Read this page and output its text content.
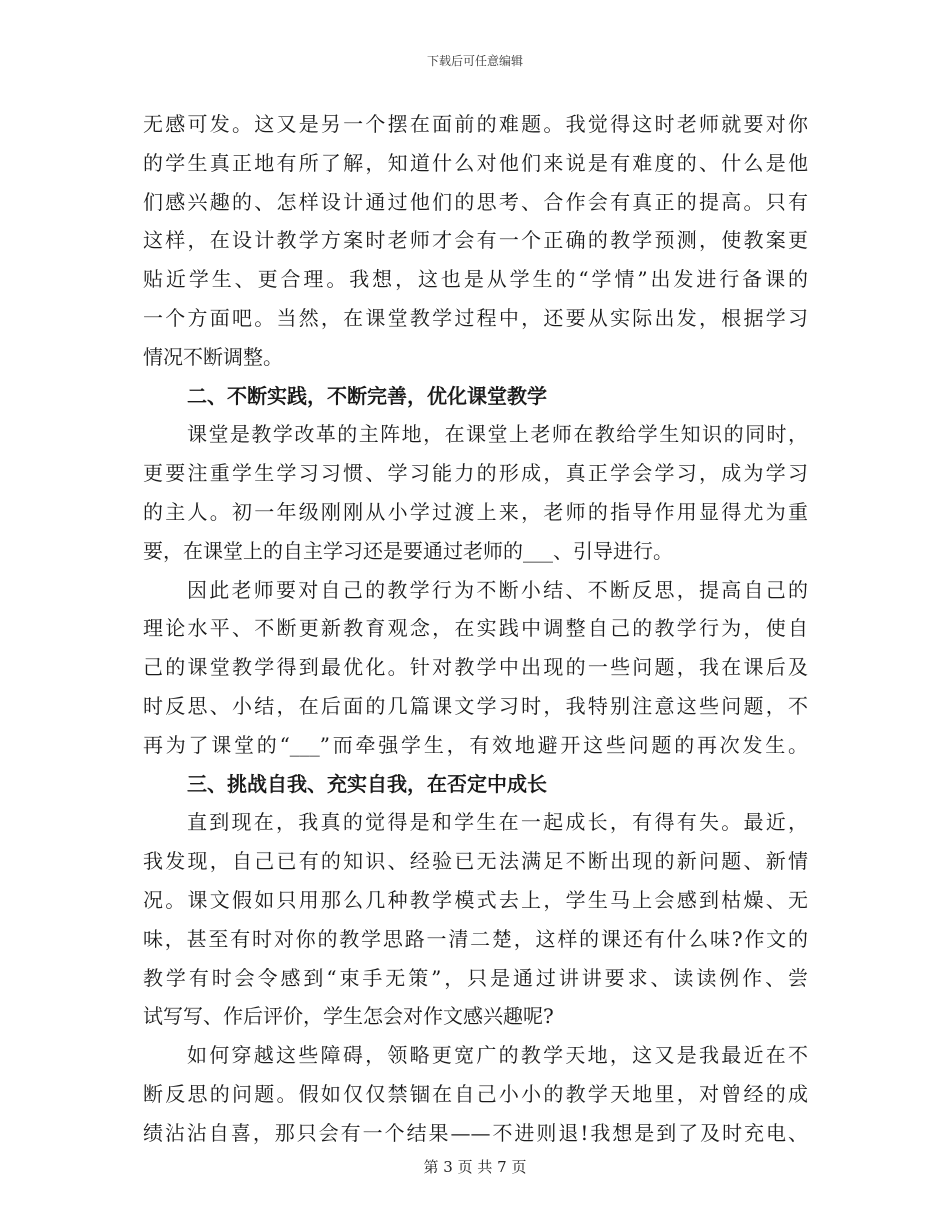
下载后可任意编辑
无感可发。这又是另一个摆在面前的难题。我觉得这时老师就要对你
的学生真正地有所了解，知道什么对他们来说是有难度的、什么是他
们感兴趣的、怎样设计通过他们的思考、合作会有真正的提高。只有
这样，在设计教学方案时老师才会有一个正确的教学预测，使教案更
贴近学生、更合理。我想，这也是从学生的“学情”出发进行备课的
一个方面吧。当然，在课堂教学过程中，还要从实际出发，根据学习
情况不断调整。
二、不断实践，不断完善，优化课堂教学
课堂是教学改革的主阵地，在课堂上老师在教给学生知识的同时，
更要注重学生学习习惯、学习能力的形成，真正学会学习，成为学习
的主人。初一年级刚刚从小学过渡上来，老师的指导作用显得尤为重
要，在课堂上的自主学习还是要通过老师的___、引导进行。
因此老师要对自己的教学行为不断小结、不断反思，提高自己的
理论水平、不断更新教育观念，在实践中调整自己的教学行为，使自
己的课堂教学得到最优化。针对教学中出现的一些问题，我在课后及
时反思、小结，在后面的几篇课文学习时，我特别注意这些问题，不
再为了课堂的“___”而牵强学生，有效地避开这些问题的再次发生。
三、挑战自我、充实自我，在否定中成长
直到现在，我真的觉得是和学生在一起成长，有得有失。最近，
我发现，自己已有的知识、经验已无法满足不断出现的新问题、新情
况。课文假如只用那么几种教学模式去上，学生马上会感到枯燥、无
味，甚至有时对你的教学思路一清二楚，这样的课还有什么味?作文的
教学有时会令感到“束手无策”，只是通过讲讲要求、读读例作、尝
试写写、作后评价，学生怎会对作文感兴趣呢?
如何穿越这些障碍，领略更宽广的教学天地，这又是我最近在不
断反思的问题。假如仅仅禁锢在自己小小的教学天地里，对曾经的成
绩沾沾自喜，那只会有一个结果——不进则退!我想是到了及时充电、
第 3 页 共 7 页
